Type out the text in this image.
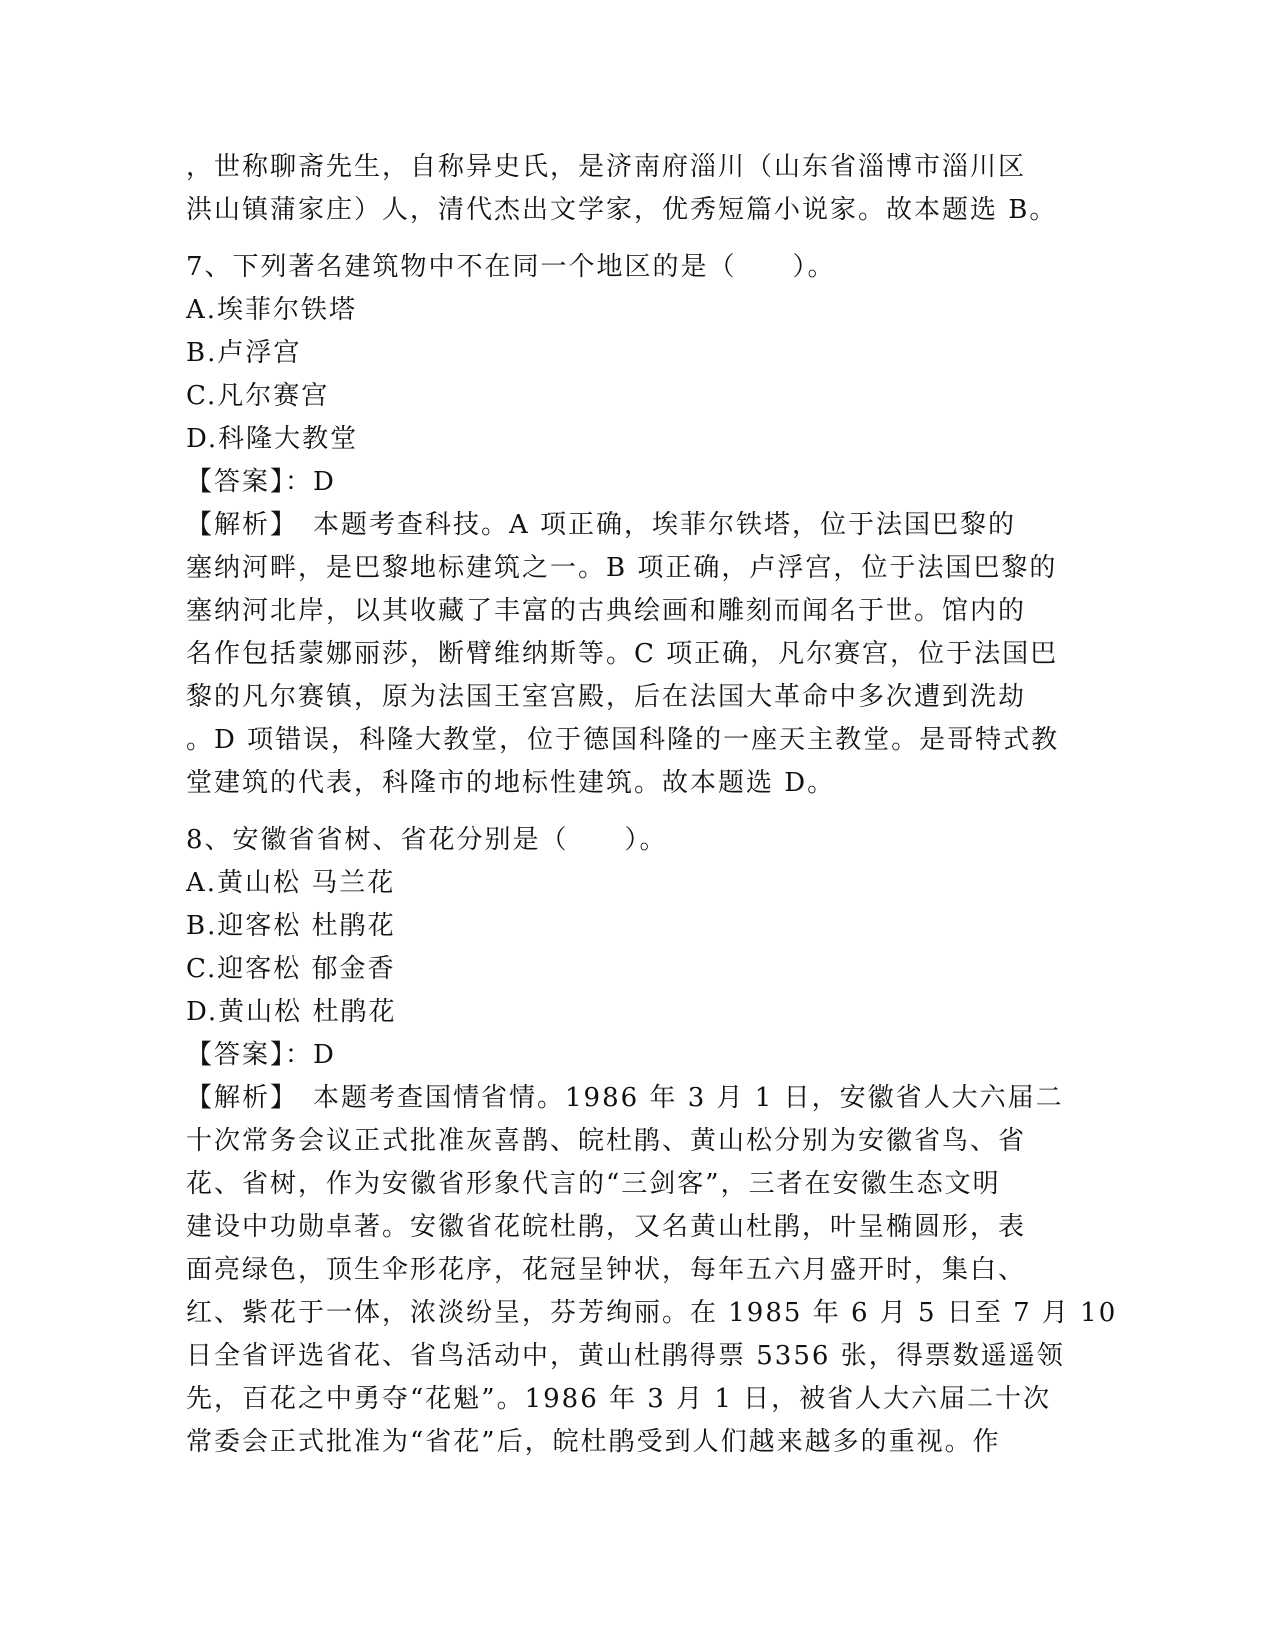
，世称聊斋先生，自称异史氏，是济南府淄川（山东省淄博市淄川区
洪山镇蒲家庄）人，清代杰出文学家，优秀短篇小说家。故本题选 B。
7、下列著名建筑物中不在同一个地区的是（　　）。
A.埃菲尔铁塔
B.卢浮宫
C.凡尔赛宫
D.科隆大教堂
【答案】：D
【解析】　本题考查科技。A 项正确，埃菲尔铁塔，位于法国巴黎的
塞纳河畔，是巴黎地标建筑之一。B 项正确，卢浮宫，位于法国巴黎的
塞纳河北岸，以其收藏了丰富的古典绘画和雕刻而闻名于世。馆内的
名作包括蒙娜丽莎，断臂维纳斯等。C 项正确，凡尔赛宫，位于法国巴
黎的凡尔赛镇，原为法国王室宫殿，后在法国大革命中多次遭到洗劫
。D 项错误，科隆大教堂，位于德国科隆的一座天主教堂。是哥特式教
堂建筑的代表，科隆市的地标性建筑。故本题选 D。
8、安徽省省树、省花分别是（　　）。
A.黄山松 马兰花
B.迎客松 杜鹃花
C.迎客松 郁金香
D.黄山松 杜鹃花
【答案】：D
【解析】　本题考查国情省情。1986 年 3 月 1 日，安徽省人大六届二
十次常务会议正式批准灰喜鹊、皖杜鹃、黄山松分别为安徽省鸟、省
花、省树，作为安徽省形象代言的“三剑客”，三者在安徽生态文明
建设中功勋卓著。安徽省花皖杜鹃，又名黄山杜鹃，叶呈椭圆形，表
面亮绿色，顶生伞形花序，花冠呈钟状，每年五六月盛开时，集白、
红、紫花于一体，浓淡纷呈，芬芳绚丽。在 1985 年 6 月 5 日至 7 月 10
日全省评选省花、省鸟活动中，黄山杜鹃得票 5356 张，得票数遥遥领
先，百花之中勇夺“花魁”。1986 年 3 月 1 日，被省人大六届二十次
常委会正式批准为“省花”后，皖杜鹃受到人们越来越多的重视。作
